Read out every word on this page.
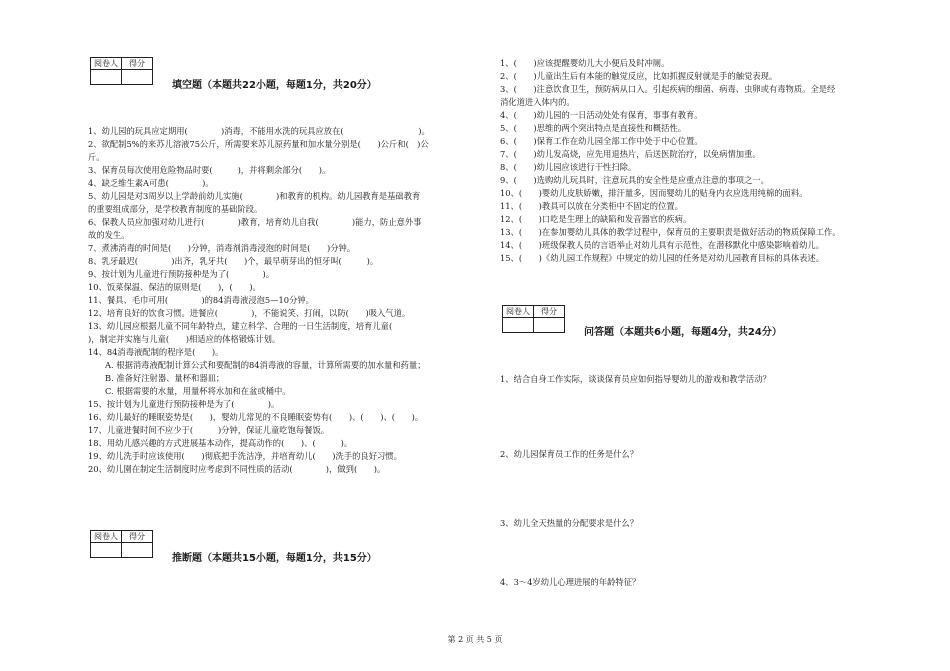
阅卷人	得分

填空题（本题共22小题，每题1分，共20分）
1、幼儿园的玩具应定期用(　　　　)消毒，不能用水洗的玩具应放在(　　　　　　　　　)。
2、欲配制5%的来苏儿溶液75公斤，所需要来苏儿原药量和加水量分别是(　　)公斤和(　)公
斤。
3、保育员每次使用危险物品时要(　　　)，并将剩余部分(　　)。
4、缺乏维生素A可患(　　　　)。
5、幼儿园是对3周岁以上学龄前幼儿实施(　　　　)和教育的机构。幼儿园教育是基础教育
的重要组成部分，是学校教育制度的基础阶段。
6、保教人员应加强对幼儿进行(　　　　)教育，培育幼儿自我(　　　　)能力，防止意外事
故的发生。
7、煮沸消毒的时间是(　　)分钟，消毒剂消毒浸泡的时间是(　　)分钟。
8、乳牙最迟(　　　　)出齐，乳牙共(　　)个，最早萌芽出的恒牙叫(　　　)。
9、按计划为儿童进行预防接种是为了(　　　　)。
10、饭菜保温、保洁的原则是(　　)，(　　)。
11、餐具、毛巾可用(　　　　)的84消毒液浸泡5—10分钟。
12、培育良好的饮食习惯。进餐应(　　　　)，不能说笑、打闹，以防(　　)吸入气道。
13、幼儿园应根据儿童不同年龄特点，建立科学、合理的一日生活制度，培育儿童(　　　
)，制定并实施与儿童(　　)相适应的体格锻炼计划。
14、84消毒液配制的程序是(　　)。
A. 根据消毒液配制计算公式和要配制的84消毒液的容量，计算所需要的加水量和药量；
B. 准备好注射器、量杯和器皿；
C. 根据需要的水量，用量杯将水加和在盆或桶中。
15、按计划为儿童进行预防接种是为了(　　　　)。
16、幼儿最好的睡眠姿势是(　　)，婴幼儿常见的不良睡眠姿势有(　　)、(　　)、(　　)。
17、儿童进餐时间不应少于(　　　)分钟，保证儿童吃饱每餐饭。
18、用幼儿感兴趣的方式进展基本动作，提高动作的(　　)、(　　　)。
19、幼儿洗手时应该使用(　　)彻底把手洗洁净，并培育幼儿(　　)洗手的良好习惯。
20、幼儿園在制定生活制度时应考虑到不同性质的活动(　　　　)，做到(　　)。
阅卷人	得分

推断题（本题共15小题，每题1分，共15分）
1、(　　)应该提醒婴幼儿大小便后及时冲厕。
2、(　　)儿童出生后有本能的触觉反应，比如抓握反射就是手的触觉表现。
3、(　　)注意饮食卫生，预防病从口入。引起疾病的细菌、病毒、虫卵或有毒物质。全是经
消化道进入体内的。
4、(　　)幼儿园的一日活动处处有保育，事事有教育。
5、(　　)思维的两个突出特点是直接性和概括性。
6、(　　)保育工作在幼儿园全部工作中处于中心位置。
7、(　　)幼儿发高烧，应先用退热片，后送医院治疗，以免病情加重。
8、(　　)幼儿园应该进行干性扫除。
9、(　　)选购幼儿玩具时，注意玩具的安全性是应重点注意的事项之一。
10、(　　)婴幼儿皮肤娇嫩，排汗量多，因而婴幼儿的贴身内衣应选用纯棉的面料。
11、(　　)教具可以放在分类柜中不固定的位置。
12、(　　)口吃是生理上的缺陷和发音器官的疾病。
13、(　　)在参加婴幼儿具体的教学过程中，保育员的主要职责是做好活动的物质保障工作。
14、(　　)班级保教人员的言语举止对幼儿具有示范性，在潜移默化中感染影响着幼儿。
15、(　　)《幼儿园工作规程》中规定的幼儿园的任务是对幼儿园教育目标的具体表述。
阅卷人	得分

问答题（本题共6小题，每题4分，共24分）
1、结合自身工作实际，谈谈保育员应如何指导婴幼儿的游戏和教学活动？
2、幼儿园保育员工作的任务是什么？
3、幼儿全天热量的分配要求是什么？
4、3～4岁幼儿心理进展的年龄特征？
第 2 页 共 5 页
